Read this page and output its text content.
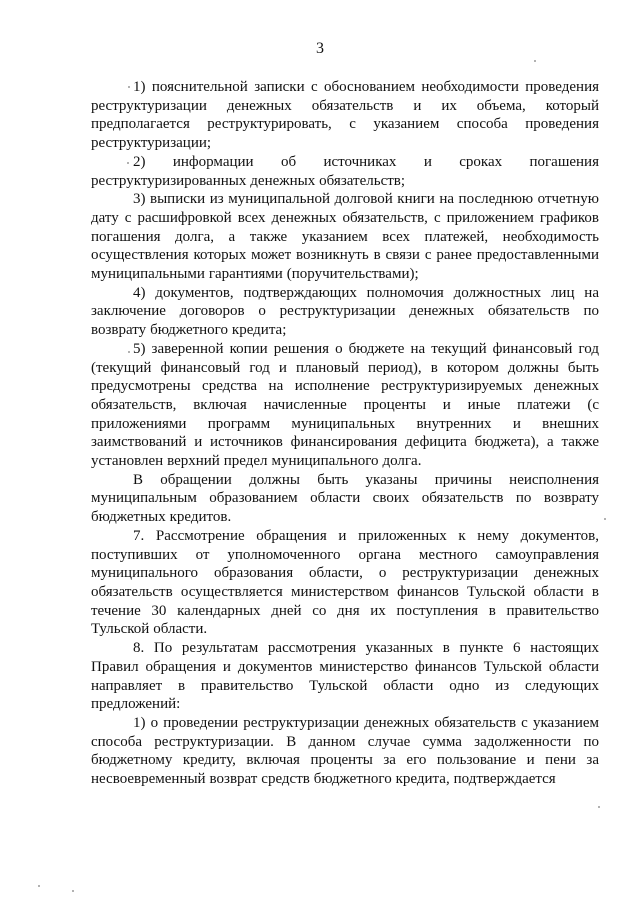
3

1) пояснительной записки с обоснованием необходимости проведения реструктуризации денежных обязательств и их объема, который предполагается реструктурировать, с указанием способа проведения реструктуризации;

2) информации об источниках и сроках погашения реструктуризированных денежных обязательств;

3) выписки из муниципальной долговой книги на последнюю отчетную дату с расшифровкой всех денежных обязательств, с приложением графиков погашения долга, а также указанием всех платежей, необходимость осуществления которых может возникнуть в связи с ранее предоставленными муниципальными гарантиями (поручительствами);

4) документов, подтверждающих полномочия должностных лиц на заключение договоров о реструктуризации денежных обязательств по возврату бюджетного кредита;

5) заверенной копии решения о бюджете на текущий финансовый год (текущий финансовый год и плановый период), в котором должны быть предусмотрены средства на исполнение реструктуризируемых денежных обязательств, включая начисленные проценты и иные платежи (с приложениями программ муниципальных внутренних и внешних заимствований и источников финансирования дефицита бюджета), а также установлен верхний предел муниципального долга.

В обращении должны быть указаны причины неисполнения муниципальным образованием области своих обязательств по возврату бюджетных кредитов.

7. Рассмотрение обращения и приложенных к нему документов, поступивших от уполномоченного органа местного самоуправления муниципального образования области, о реструктуризации денежных обязательств осуществляется министерством финансов Тульской области в течение 30 календарных дней со дня их поступления в правительство Тульской области.

8. По результатам рассмотрения указанных в пункте 6 настоящих Правил обращения и документов министерство финансов Тульской области направляет в правительство Тульской области одно из следующих предложений:

1) о проведении реструктуризации денежных обязательств с указанием способа реструктуризации. В данном случае сумма задолженности по бюджетному кредиту, включая проценты за его пользование и пени за несвоевременный возврат средств бюджетного кредита, подтверждается
